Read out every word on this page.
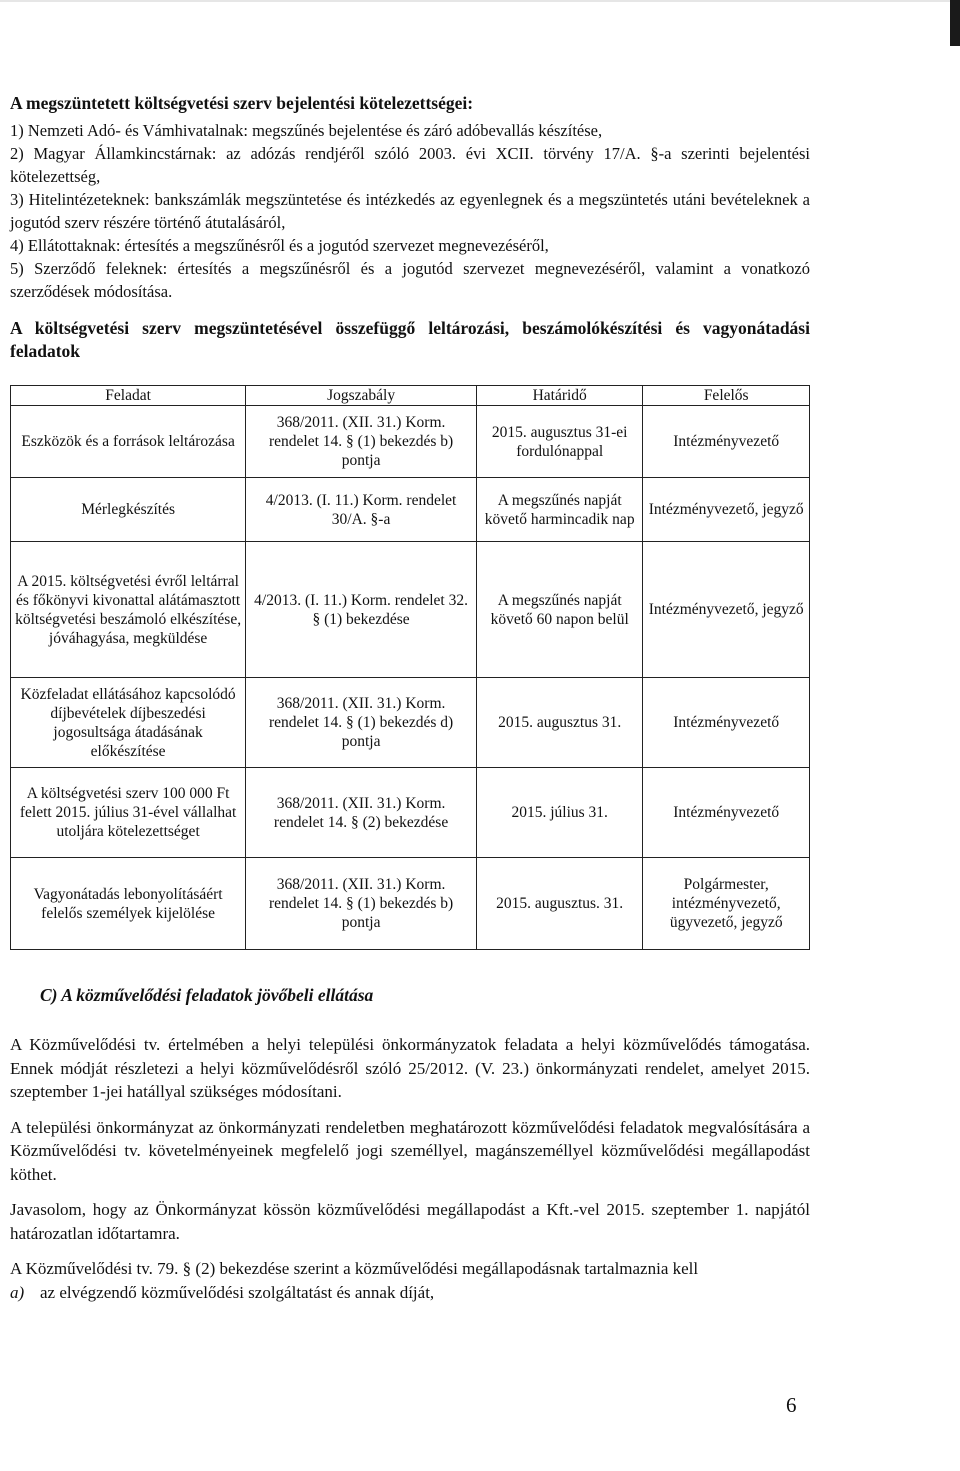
A megszüntetett költségvetési szerv bejelentési kötelezettségei:

1) Nemzeti Adó- és Vámhivatalnak: megszűnés bejelentése és záró adóbevallás készítése,

2) Magyar Államkincstárnak: az adózás rendjéről szóló 2003. évi XCII. törvény 17/A. §-a szerinti bejelentési kötelezettség,

3) Hitelintézeteknek: bankszámlák megszüntetése és intézkedés az egyenlegnek és a megszüntetés utáni bevételeknek a jogutód szerv részére történő átutalásáról,

4) Ellátottaknak: értesítés a megszűnésről és a jogutód szervezet megnevezéséről,

5) Szerződő feleknek: értesítés a megszűnésről és a jogutód szervezet megnevezéséről, valamint a vonatkozó szerződések módosítása.

A költségvetési szerv megszüntetésével összefüggő leltározási, beszámolókészítési és vagyonátadási feladatok

Feladat	Jogszabály	Határidő	Felelős
Eszközök és a források leltározása	368/2011. (XII. 31.) Korm. rendelet 14. § (1) bekezdés b) pontja	2015. augusztus 31-ei fordulónappal	Intézményvezető
Mérlegkészítés	4/2013. (I. 11.) Korm. rendelet 30/A. §-a	A megszűnés napját követő harmincadik nap	Intézményvezető, jegyző
A 2015. költségvetési évről leltárral és főkönyvi kivonattal alátámasztott költségvetési beszámoló elkészítése, jóváhagyása, megküldése	4/2013. (I. 11.) Korm. rendelet 32. § (1) bekezdése	A megszűnés napját követő 60 napon belül	Intézményvezető, jegyző
Közfeladat ellátásához kapcsolódó díjbevételek díjbeszedési jogosultsága átadásának előkészítése	368/2011. (XII. 31.) Korm. rendelet 14. § (1) bekezdés d) pontja	2015. augusztus 31.	Intézményvezető
A költségvetési szerv 100 000 Ft felett 2015. július 31-ével vállalhat utoljára kötelezettséget	368/2011. (XII. 31.) Korm. rendelet 14. § (2) bekezdése	2015. július 31.	Intézményvezető
Vagyonátadás lebonyolításáért felelős személyek kijelölése	368/2011. (XII. 31.) Korm. rendelet 14. § (1) bekezdés b) pontja	2015. augusztus. 31.	Polgármester, intézményvezető, ügyvezető, jegyző

C) A közművelődési feladatok jövőbeli ellátása

A Közművelődési tv. értelmében a helyi települési önkormányzatok feladata a helyi közművelődés támogatása. Ennek módját részletezi a helyi közművelődésről szóló 25/2012. (V. 23.) önkormányzati rendelet, amelyet 2015. szeptember 1-jei hatállyal szükséges módosítani.

A települési önkormányzat az önkormányzati rendeletben meghatározott közművelődési feladatok megvalósítására a Közművelődési tv. követelményeinek megfelelő jogi személlyel, magánszeméllyel közművelődési megállapodást köthet.

Javasolom, hogy az Önkormányzat kössön közművelődési megállapodást a Kft.-vel 2015. szeptember 1. napjától határozatlan időtartamra.

A Közművelődési tv. 79. § (2) bekezdése szerint a közművelődési megállapodásnak tartalmaznia kell

a) az elvégzendő közművelődési szolgáltatást és annak díját,

6
